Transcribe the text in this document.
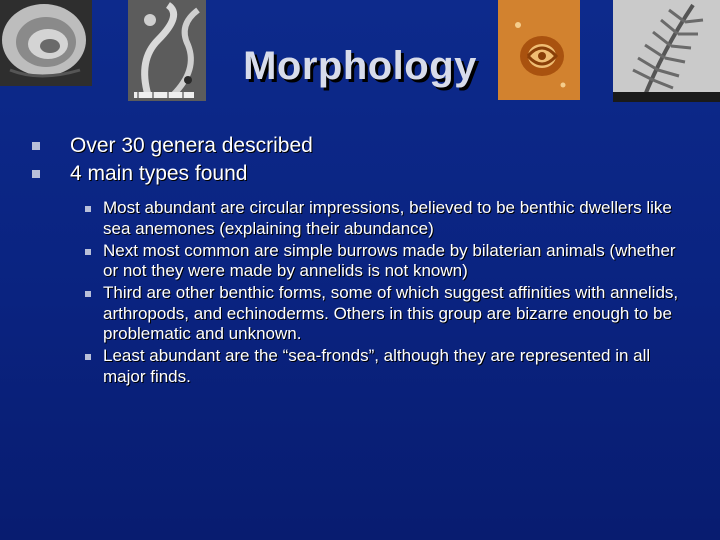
Morphology
Over 30 genera described
4 main types found
Most abundant are circular impressions, believed to be benthic dwellers like sea anemones (explaining their abundance)
Next most common are simple burrows made by bilaterian animals (whether or not they were made by annelids is not known)
Third are other benthic forms, some of which suggest affinities with annelids, arthropods, and echinoderms. Others in this group are bizarre enough to be problematic and unknown.
Least abundant are the “sea-fronds”, although they are represented in all major finds.
